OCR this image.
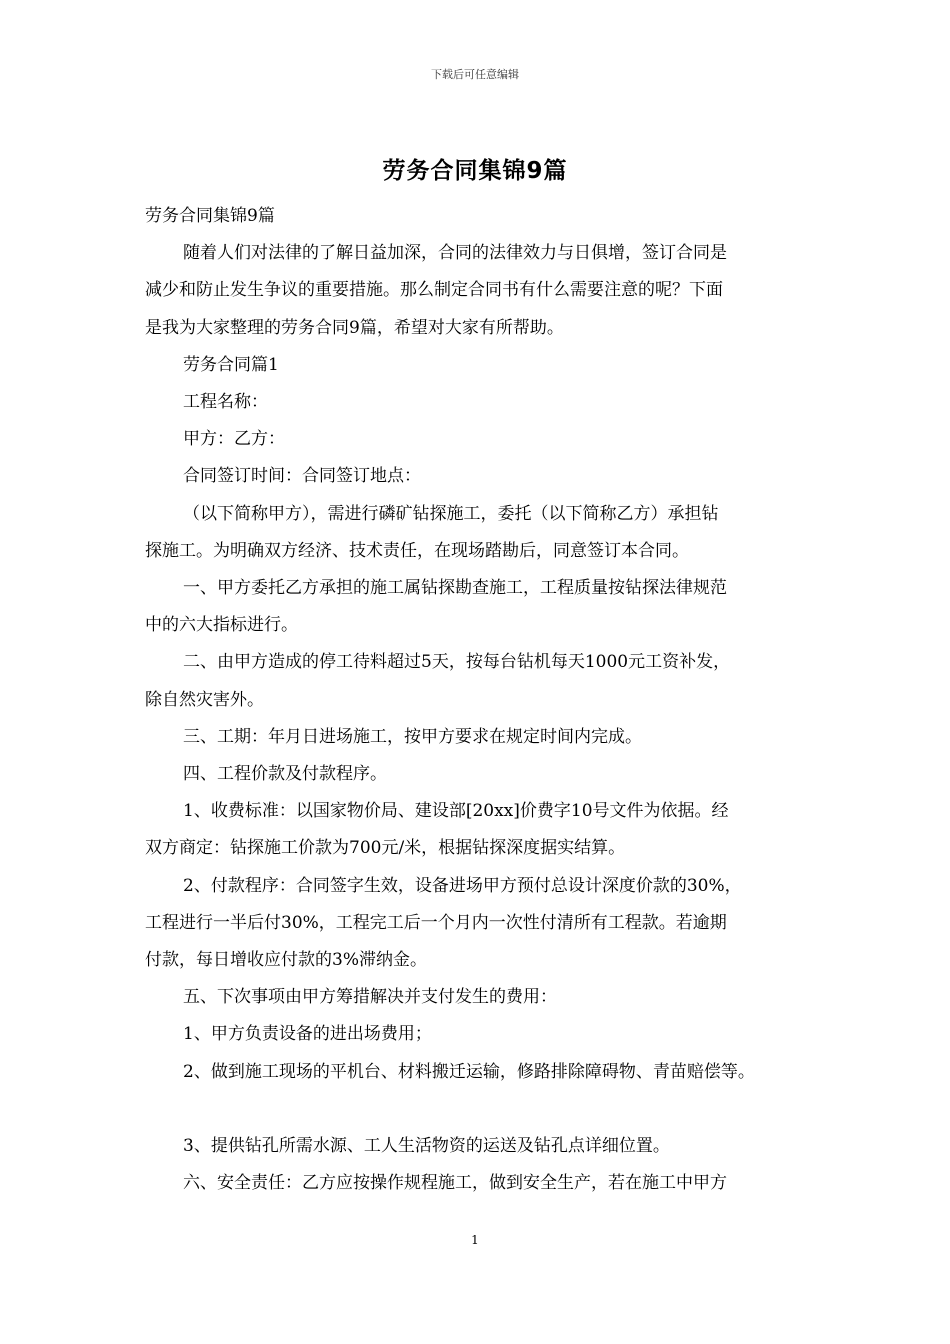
下载后可任意编辑
劳务合同集锦9篇
劳务合同集锦9篇
随着人们对法律的了解日益加深，合同的法律效力与日俱增，签订合同是
减少和防止发生争议的重要措施。那么制定合同书有什么需要注意的呢？下面
是我为大家整理的劳务合同9篇，希望对大家有所帮助。
劳务合同篇1
工程名称：
甲方：乙方：
合同签订时间：合同签订地点：
（以下简称甲方），需进行磷矿钻探施工，委托（以下简称乙方）承担钻
探施工。为明确双方经济、技术责任，在现场踏勘后，同意签订本合同。
一、甲方委托乙方承担的施工属钻探勘查施工，工程质量按钻探法律规范
中的六大指标进行。
二、由甲方造成的停工待料超过5天，按每台钻机每天1000元工资补发，
除自然灾害外。
三、工期：年月日进场施工，按甲方要求在规定时间内完成。
四、工程价款及付款程序。
1、收费标准：以国家物价局、建设部[20xx]价费字10号文件为依据。经
双方商定：钻探施工价款为700元/米，根据钻探深度据实结算。
2、付款程序：合同签字生效，设备进场甲方预付总设计深度价款的30%，
工程进行一半后付30%，工程完工后一个月内一次性付清所有工程款。若逾期
付款，每日增收应付款的3%滞纳金。
五、下次事项由甲方筹措解决并支付发生的费用：
1、甲方负责设备的进出场费用；
2、做到施工现场的平机台、材料搬迁运输，修路排除障碍物、青苗赔偿等。
3、提供钻孔所需水源、工人生活物资的运送及钻孔点详细位置。
六、安全责任：乙方应按操作规程施工，做到安全生产，若在施工中甲方
1
